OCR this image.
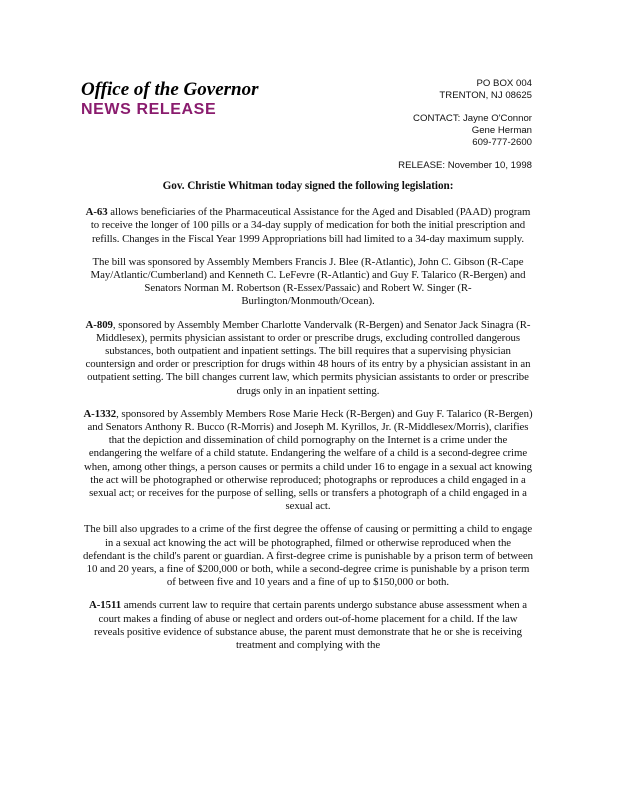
Office of the Governor
NEWS RELEASE
PO BOX 004
TRENTON, NJ 08625
CONTACT: Jayne O'Connor
Gene Herman
609-777-2600
RELEASE: November 10, 1998
Gov. Christie Whitman today signed the following legislation:

A-63 allows beneficiaries of the Pharmaceutical Assistance for the Aged and Disabled (PAAD) program to receive the longer of 100 pills or a 34-day supply of medication for both the initial prescription and refills. Changes in the Fiscal Year 1999 Appropriations bill had limited to a 34-day maximum supply.

The bill was sponsored by Assembly Members Francis J. Blee (R-Atlantic), John C. Gibson (R-Cape May/Atlantic/Cumberland) and Kenneth C. LeFevre (R-Atlantic) and Guy F. Talarico (R-Bergen) and Senators Norman M. Robertson (R-Essex/Passaic) and Robert W. Singer (R-Burlington/Monmouth/Ocean).

A-809, sponsored by Assembly Member Charlotte Vandervalk (R-Bergen) and Senator Jack Sinagra (R-Middlesex), permits physician assistant to order or prescribe drugs, excluding controlled dangerous substances, both outpatient and inpatient settings. The bill requires that a supervising physician countersign and order or prescription for drugs within 48 hours of its entry by a physician assistant in an outpatient setting. The bill changes current law, which permits physician assistants to order or prescribe drugs only in an inpatient setting.

A-1332, sponsored by Assembly Members Rose Marie Heck (R-Bergen) and Guy F. Talarico (R-Bergen) and Senators Anthony R. Bucco (R-Morris) and Joseph M. Kyrillos, Jr. (R-Middlesex/Morris), clarifies that the depiction and dissemination of child pornography on the Internet is a crime under the endangering the welfare of a child statute. Endangering the welfare of a child is a second-degree crime when, among other things, a person causes or permits a child under 16 to engage in a sexual act knowing the act will be photographed or otherwise reproduced; photographs or reproduces a child engaged in a sexual act; or receives for the purpose of selling, sells or transfers a photograph of a child engaged in a sexual act.

The bill also upgrades to a crime of the first degree the offense of causing or permitting a child to engage in a sexual act knowing the act will be photographed, filmed or otherwise reproduced when the defendant is the child's parent or guardian. A first-degree crime is punishable by a prison term of between 10 and 20 years, a fine of $200,000 or both, while a second-degree crime is punishable by a prison term of between five and 10 years and a fine of up to $150,000 or both.

A-1511 amends current law to require that certain parents undergo substance abuse assessment when a court makes a finding of abuse or neglect and orders out-of-home placement for a child. If the law reveals positive evidence of substance abuse, the parent must demonstrate that he or she is receiving treatment and complying with the
